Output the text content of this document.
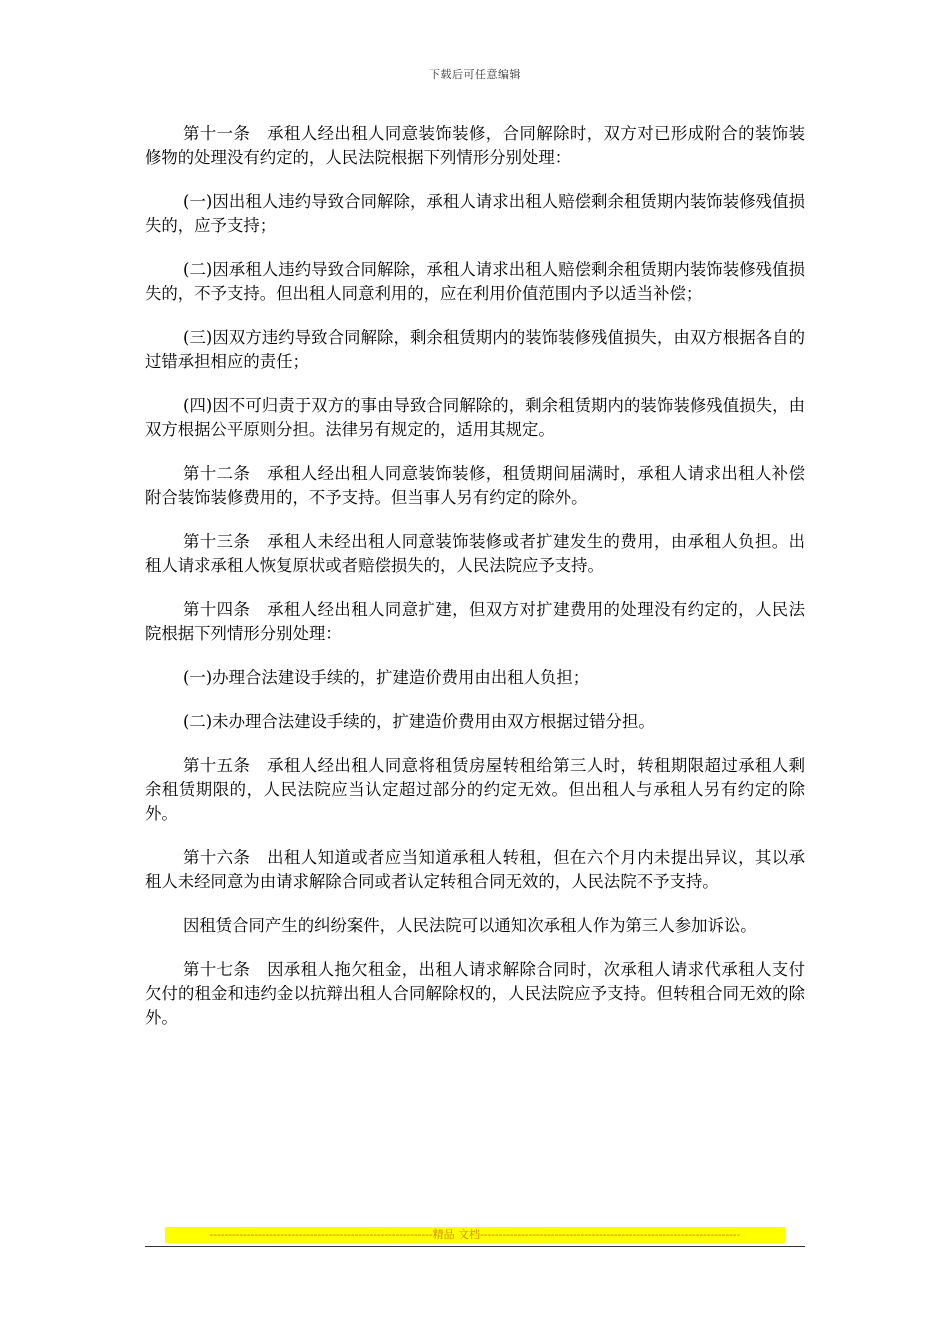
下载后可任意编辑

第十一条　承租人经出租人同意装饰装修，合同解除时，双方对已形成附合的装饰装修物的处理没有约定的，人民法院根据下列情形分别处理：

(一)因出租人违约导致合同解除，承租人请求出租人赔偿剩余租赁期内装饰装修残值损失的，应予支持；

(二)因承租人违约导致合同解除，承租人请求出租人赔偿剩余租赁期内装饰装修残值损失的，不予支持。但出租人同意利用的，应在利用价值范围内予以适当补偿；

(三)因双方违约导致合同解除，剩余租赁期内的装饰装修残值损失，由双方根据各自的过错承担相应的责任；

(四)因不可归责于双方的事由导致合同解除的，剩余租赁期内的装饰装修残值损失，由双方根据公平原则分担。法律另有规定的，适用其规定。

第十二条　承租人经出租人同意装饰装修，租赁期间届满时，承租人请求出租人补偿附合装饰装修费用的，不予支持。但当事人另有约定的除外。

第十三条　承租人未经出租人同意装饰装修或者扩建发生的费用，由承租人负担。出租人请求承租人恢复原状或者赔偿损失的，人民法院应予支持。

第十四条　承租人经出租人同意扩建，但双方对扩建费用的处理没有约定的，人民法院根据下列情形分别处理：

(一)办理合法建设手续的，扩建造价费用由出租人负担；

(二)未办理合法建设手续的，扩建造价费用由双方根据过错分担。

第十五条　承租人经出租人同意将租赁房屋转租给第三人时，转租期限超过承租人剩余租赁期限的，人民法院应当认定超过部分的约定无效。但出租人与承租人另有约定的除外。

第十六条　出租人知道或者应当知道承租人转租，但在六个月内未提出异议，其以承租人未经同意为由请求解除合同或者认定转租合同无效的，人民法院不予支持。

因租赁合同产生的纠纷案件，人民法院可以通知次承租人作为第三人参加诉讼。

第十七条　因承租人拖欠租金，出租人请求解除合同时，次承租人请求代承租人支付欠付的租金和违约金以抗辩出租人合同解除权的，人民法院应予支持。但转租合同无效的除外。

------------------------------------------------------------精品 文档----------------------------------------------------------------------
